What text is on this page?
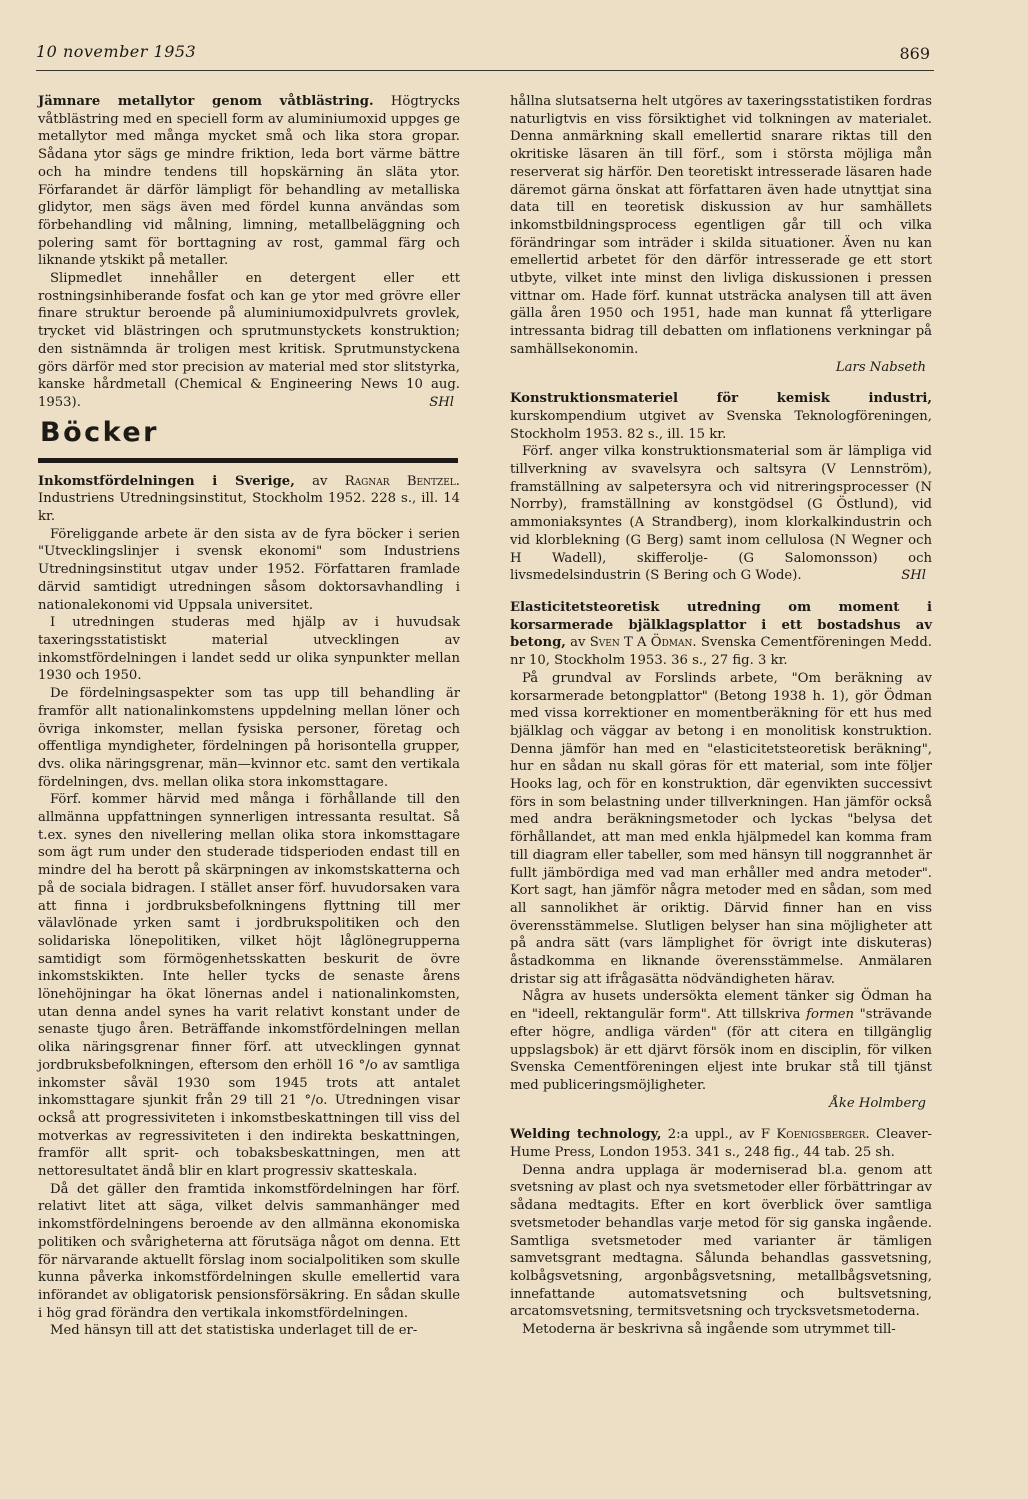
10 november 1953	869

Jämnare metallytor genom våtblästring. Högtrycks våtblästring med en speciell form av aluminiumoxid uppges ge metallytor med många mycket små och lika stora gropar. Sådana ytor sägs ge mindre friktion, leda bort värme bättre och ha mindre tendens till hopskärning än släta ytor. Förfarandet är därför lämpligt för behandling av metalliska glidytor, men sägs även med fördel kunna användas som förbehandling vid målning, limning, metallbeläggning och polering samt för borttagning av rost, gammal färg och liknande ytskikt på metaller.

Slipmedlet innehåller en detergent eller ett rostningsinhiberande fosfat och kan ge ytor med grövre eller finare struktur beroende på aluminiumoxidpulvrets grovlek, trycket vid blästringen och sprutmunstyckets konstruktion; den sistnämnda är troligen mest kritisk. Sprutmunstyckena görs därför med stor precision av material med stor slitstyrka, kanske hårdmetall (Chemical & Engineering News 10 aug. 1953).	SHl

Böcker

Inkomstfördelningen i Sverige, av Ragnar Bentzel. Industriens Utredningsinstitut, Stockholm 1952. 228 s., ill. 14 kr.

Föreliggande arbete är den sista av de fyra böcker i serien "Utvecklingslinjer i svensk ekonomi" som Industriens Utredningsinstitut utgav under 1952. Författaren framlade därvid samtidigt utredningen såsom doktorsavhandling i nationalekonomi vid Uppsala universitet.

I utredningen studeras med hjälp av i huvudsak taxeringsstatistiskt material utvecklingen av inkomstfördelningen i landet sedd ur olika synpunkter mellan 1930 och 1950.

De fördelningsaspekter som tas upp till behandling är framför allt nationalinkomstens uppdelning mellan löner och övriga inkomster, mellan fysiska personer, företag och offentliga myndigheter, fördelningen på horisontella grupper, dvs. olika näringsgrenar, män—kvinnor etc. samt den vertikala fördelningen, dvs. mellan olika stora inkomsttagare.

Förf. kommer härvid med många i förhållande till den allmänna uppfattningen synnerligen intressanta resultat. Så t.ex. synes den nivellering mellan olika stora inkomsttagare som ägt rum under den studerade tidsperioden endast till en mindre del ha berott på skärpningen av inkomstskatterna och på de sociala bidragen. I stället anser förf. huvudorsaken vara att finna i jordbruksbefolkningens flyttning till mer välavlönade yrken samt i jordbrukspolitiken och den solidariska lönepolitiken, vilket höjt låglönegrupperna samtidigt som förmögenhetsskatten beskurit de övre inkomstskikten. Inte heller tycks de senaste årens lönehöjningar ha ökat lönernas andel i nationalinkomsten, utan denna andel synes ha varit relativt konstant under de senaste tjugo åren. Beträffande inkomstfördelningen mellan olika näringsgrenar finner förf. att utvecklingen gynnat jordbruksbefolkningen, eftersom den erhöll 16 °/o av samtliga inkomster såväl 1930 som 1945 trots att antalet inkomsttagare sjunkit från 29 till 21 °/o. Utredningen visar också att progressiviteten i inkomstbeskattningen till viss del motverkas av regressiviteten i den indirekta beskattningen, framför allt sprit- och tobaksbeskattningen, men att nettoresultatet ändå blir en klart progressiv skatteskala.

Då det gäller den framtida inkomstfördelningen har förf. relativt litet att säga, vilket delvis sammanhänger med inkomstfördelningens beroende av den allmänna ekonomiska politiken och svårigheterna att förutsäga något om denna. Ett för närvarande aktuellt förslag inom socialpolitiken som skulle kunna påverka inkomstfördelningen skulle emellertid vara införandet av obligatorisk pensionsförsäkring. En sådan skulle i hög grad förändra den vertikala inkomstfördelningen.

Med hänsyn till att det statistiska underlaget till de er-

hållna slutsatserna helt utgöres av taxeringsstatistiken fordras naturligtvis en viss försiktighet vid tolkningen av materialet. Denna anmärkning skall emellertid snarare riktas till den okritiske läsaren än till förf., som i största möjliga mån reserverat sig härför. Den teoretiskt intresserade läsaren hade däremot gärna önskat att författaren även hade utnyttjat sina data till en teoretisk diskussion av hur samhällets inkomstbildningsprocess egentligen går till och vilka förändringar som inträder i skilda situationer. Även nu kan emellertid arbetet för den därför intresserade ge ett stort utbyte, vilket inte minst den livliga diskussionen i pressen vittnar om. Hade förf. kunnat utsträcka analysen till att även gälla åren 1950 och 1951, hade man kunnat få ytterligare intressanta bidrag till debatten om inflationens verkningar på samhällsekonomin.

Lars Nabseth

Konstruktionsmateriel för kemisk industri, kurskompendium utgivet av Svenska Teknologföreningen, Stockholm 1953. 82 s., ill. 15 kr.

Förf. anger vilka konstruktionsmaterial som är lämpliga vid tillverkning av svavelsyra och saltsyra (V Lennström), framställning av salpetersyra och vid nitreringsprocesser (N Norrby), framställning av konstgödsel (G Östlund), vid ammoniaksyntes (A Strandberg), inom klorkalkindustrin och vid klorblekning (G Berg) samt inom cellulosa (N Wegner och H Wadell), skifferolje- (G Salomonsson) och livsmedelsindustrin (S Bering och G Wode).	SHl

Elasticitetsteoretisk utredning om moment i korsarmerade bjälklagsplattor i ett bostadshus av betong, av Sven T A Ödman. Svenska Cementföreningen Medd. nr 10, Stockholm 1953. 36 s., 27 fig. 3 kr.

På grundval av Forslinds arbete, "Om beräkning av korsarmerade betongplattor" (Betong 1938 h. 1), gör Ödman med vissa korrektioner en momentberäkning för ett hus med bjälklag och väggar av betong i en monolitisk konstruktion. Denna jämför han med en "elasticitetsteoretisk beräkning", hur en sådan nu skall göras för ett material, som inte följer Hooks lag, och för en konstruktion, där egenvikten successivt förs in som belastning under tillverkningen. Han jämför också med andra beräkningsmetoder och lyckas "belysa det förhållandet, att man med enkla hjälpmedel kan komma fram till diagram eller tabeller, som med hänsyn till noggrannhet är fullt jämbördiga med vad man erhåller med andra metoder". Kort sagt, han jämför några metoder med en sådan, som med all sannolikhet är oriktig. Därvid finner han en viss överensstämmelse. Slutligen belyser han sina möjligheter att på andra sätt (vars lämplighet för övrigt inte diskuteras) åstadkomma en liknande överensstämmelse. Anmälaren dristar sig att ifrågasätta nödvändigheten härav.

Några av husets undersökta element tänker sig Ödman ha en "ideell, rektangulär form". Att tillskriva formen "strävande efter högre, andliga värden" (för att citera en tillgänglig uppslagsbok) är ett djärvt försök inom en disciplin, för vilken Svenska Cementföreningen eljest inte brukar stå till tjänst med publiceringsmöjligheter.

Åke Holmberg

Welding technology, 2:a uppl., av F Koenigsberger. Cleaver-Hume Press, London 1953. 341 s., 248 fig., 44 tab. 25 sh.

Denna andra upplaga är moderniserad bl.a. genom att svetsning av plast och nya svetsmetoder eller förbättringar av sådana medtagits. Efter en kort överblick över samtliga svetsmetoder behandlas varje metod för sig ganska ingående. Samtliga svetsmetoder med varianter är tämligen samvetsgrant medtagna. Sålunda behandlas gassvetsning, kolbågsvetsning, argonbågsvetsning, metallbågsvetsning, innefattande automatsvetsning och bultsvetsning, arcatomsvetsning, termitsvetsning och trycksvetsmetoderna.

Metoderna är beskrivna så ingående som utrymmet till-
